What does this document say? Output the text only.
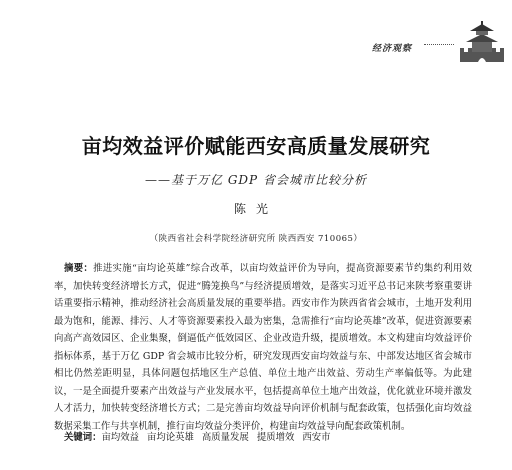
经济观察
亩均效益评价赋能西安高质量发展研究
——基于万亿 GDP 省会城市比较分析
陈光
（陕西省社会科学院经济研究所 陕西西安 710065）
摘要：推进实施“亩均论英雄”综合改革，以亩均效益评价为导向，提高资源要素节约集约利用效率，加快转变经济增长方式，促进“腾笼换鸟”与经济提质增效，是落实习近平总书记来陕考察重要讲话重要指示精神，推动经济社会高质量发展的重要举措。西安市作为陕西省省会城市，土地开发利用最为饱和，能源、排污、人才等资源要素投入最为密集，急需推行“亩均论英雄”改革，促进资源要素向高产高效园区、企业集聚，倒逼低产低效园区、企业改造升级，提质增效。本文构建亩均效益评价指标体系，基于万亿 GDP 省会城市比较分析，研究发现西安亩均效益与东、中部发达地区省会城市相比仍然差距明显，具体问题包括地区生产总值、单位土地产出效益、劳动生产率偏低等。为此建议，一是全面提升要素产出效益与产业发展水平，包括提高单位土地产出效益，优化就业环境并激发人才活力，加快转变经济增长方式；二是完善亩均效益导向评价机制与配套政策，包括强化亩均效益数据采集工作与共享机制，推行亩均效益分类评价，构建亩均效益导向配套政策机制。
关键词：亩均效益 亩均论英雄 高质量发展 提质增效 西安市
